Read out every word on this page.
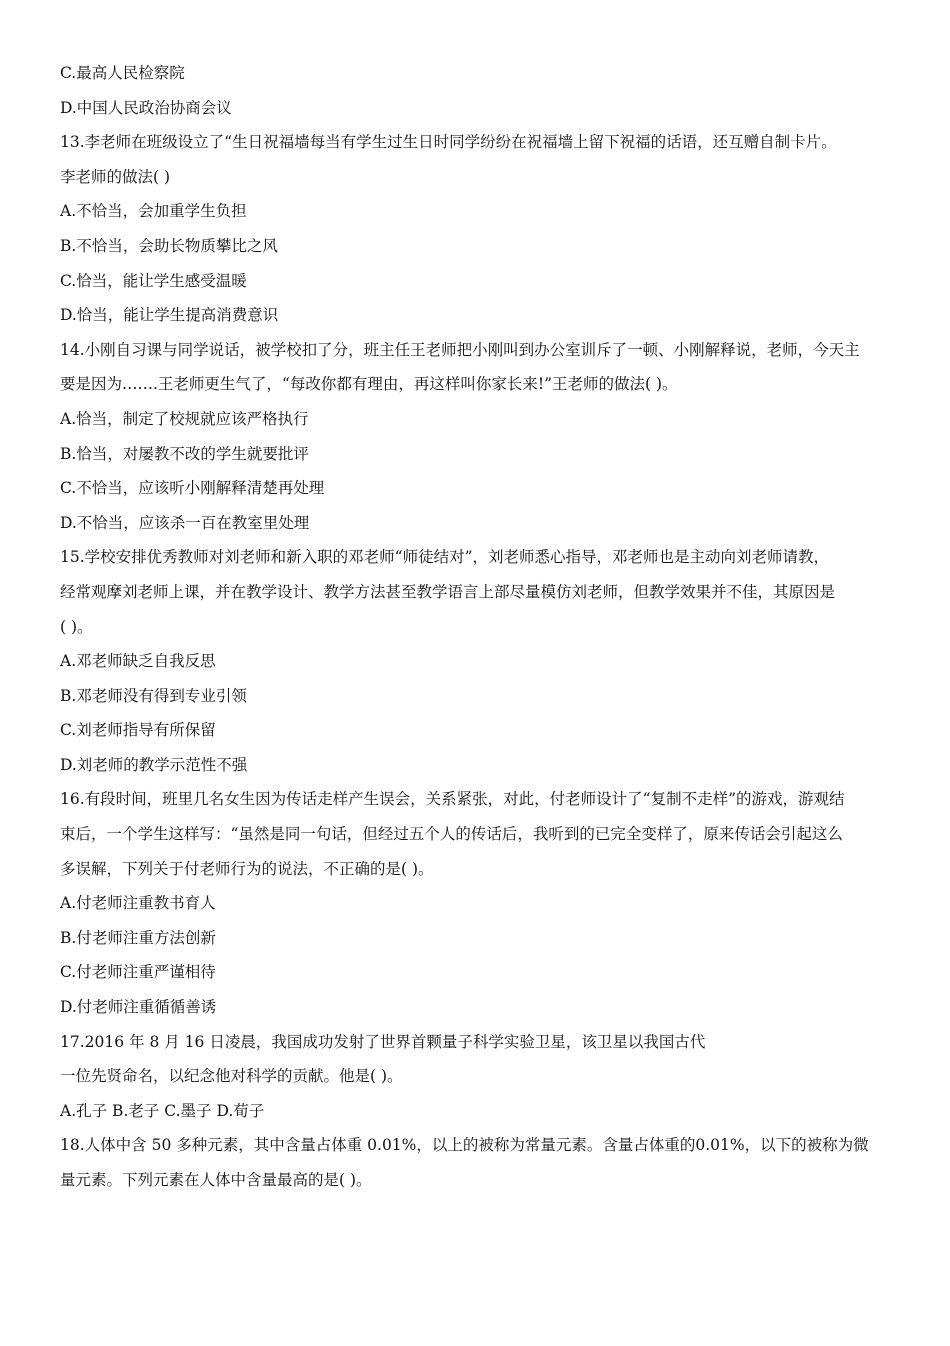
C.最高人民检察院
D.中国人民政治协商会议
13.李老师在班级设立了“生日祝福墙每当有学生过生日时同学纷纷在祝福墙上留下祝福的话语，还互赠自制卡片。
李老师的做法( )
A.不恰当，会加重学生负担
B.不恰当，会助长物质攀比之风
C.恰当，能让学生感受温暖
D.恰当，能让学生提高消费意识
14.小刚自习课与同学说话，被学校扣了分，班主任王老师把小刚叫到办公室训斥了一顿、小刚解释说，老师，今天主
要是因为…….王老师更生气了，“每改你都有理由，再这样叫你家长来!”王老师的做法( )。
A.恰当，制定了校规就应该严格执行
B.恰当，对屡教不改的学生就要批评
C.不恰当，应该听小刚解释清楚再处理
D.不恰当，应该杀一百在教室里处理
15.学校安排优秀教师对刘老师和新入职的邓老师“师徒结对”，刘老师悉心指导，邓老师也是主动向刘老师请教，
经常观摩刘老师上课，并在教学设计、教学方法甚至教学语言上部尽量模仿刘老师，但教学效果并不佳，其原因是
( )。
A.邓老师缺乏自我反思
B.邓老师没有得到专业引领
C.刘老师指导有所保留
D.刘老师的教学示范性不强
16.有段时间，班里几名女生因为传话走样产生误会，关系紧张，对此，付老师设计了“复制不走样”的游戏，游观结
束后，一个学生这样写：“虽然是同一句话，但经过五个人的传话后，我听到的已完全变样了，原来传话会引起这么
多误解，下列关于付老师行为的说法，不正确的是( )。
A.付老师注重教书育人
B.付老师注重方法创新
C.付老师注重严谨相待
D.付老师注重循循善诱
17.2016 年 8 月 16 日凌晨，我国成功发射了世界首颗量子科学实验卫星，该卫星以我国古代
一位先贤命名，以纪念他对科学的贡献。他是( )。
A.孔子 B.老子 C.墨子 D.荀子
18.人体中含 50 多种元素，其中含量占体重 0.01%，以上的被称为常量元素。含量占体重的0.01%，以下的被称为微
量元素。下列元素在人体中含量最高的是( )。
